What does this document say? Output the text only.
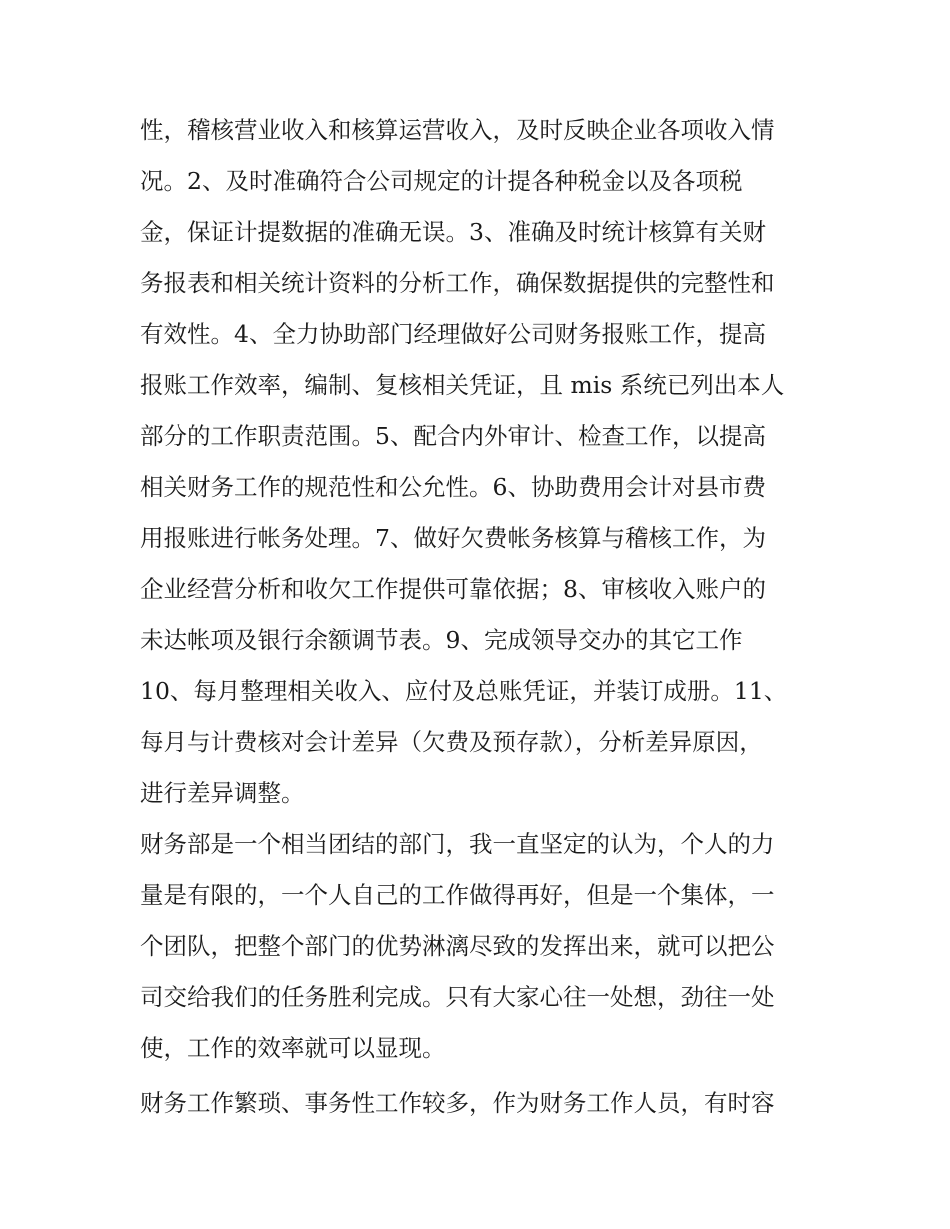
性，稽核营业收入和核算运营收入，及时反映企业各项收入情
况。2、及时准确符合公司规定的计提各种税金以及各项税
金，保证计提数据的准确无误。3、准确及时统计核算有关财
务报表和相关统计资料的分析工作，确保数据提供的完整性和
有效性。4、全力协助部门经理做好公司财务报账工作，提高
报账工作效率，编制、复核相关凭证，且 mis 系统已列出本人
部分的工作职责范围。5、配合内外审计、检查工作，以提高
相关财务工作的规范性和公允性。6、协助费用会计对县市费
用报账进行帐务处理。7、做好欠费帐务核算与稽核工作，为
企业经营分析和收欠工作提供可靠依据；8、审核收入账户的
未达帐项及银行余额调节表。9、完成领导交办的其它工作
10、每月整理相关收入、应付及总账凭证，并装订成册。11、
每月与计费核对会计差异（欠费及预存款），分析差异原因，
进行差异调整。
财务部是一个相当团结的部门，我一直坚定的认为，个人的力
量是有限的，一个人自己的工作做得再好，但是一个集体，一
个团队，把整个部门的优势淋漓尽致的发挥出来，就可以把公
司交给我们的任务胜利完成。只有大家心往一处想，劲往一处
使，工作的效率就可以显现。
财务工作繁琐、事务性工作较多，作为财务工作人员，有时容
